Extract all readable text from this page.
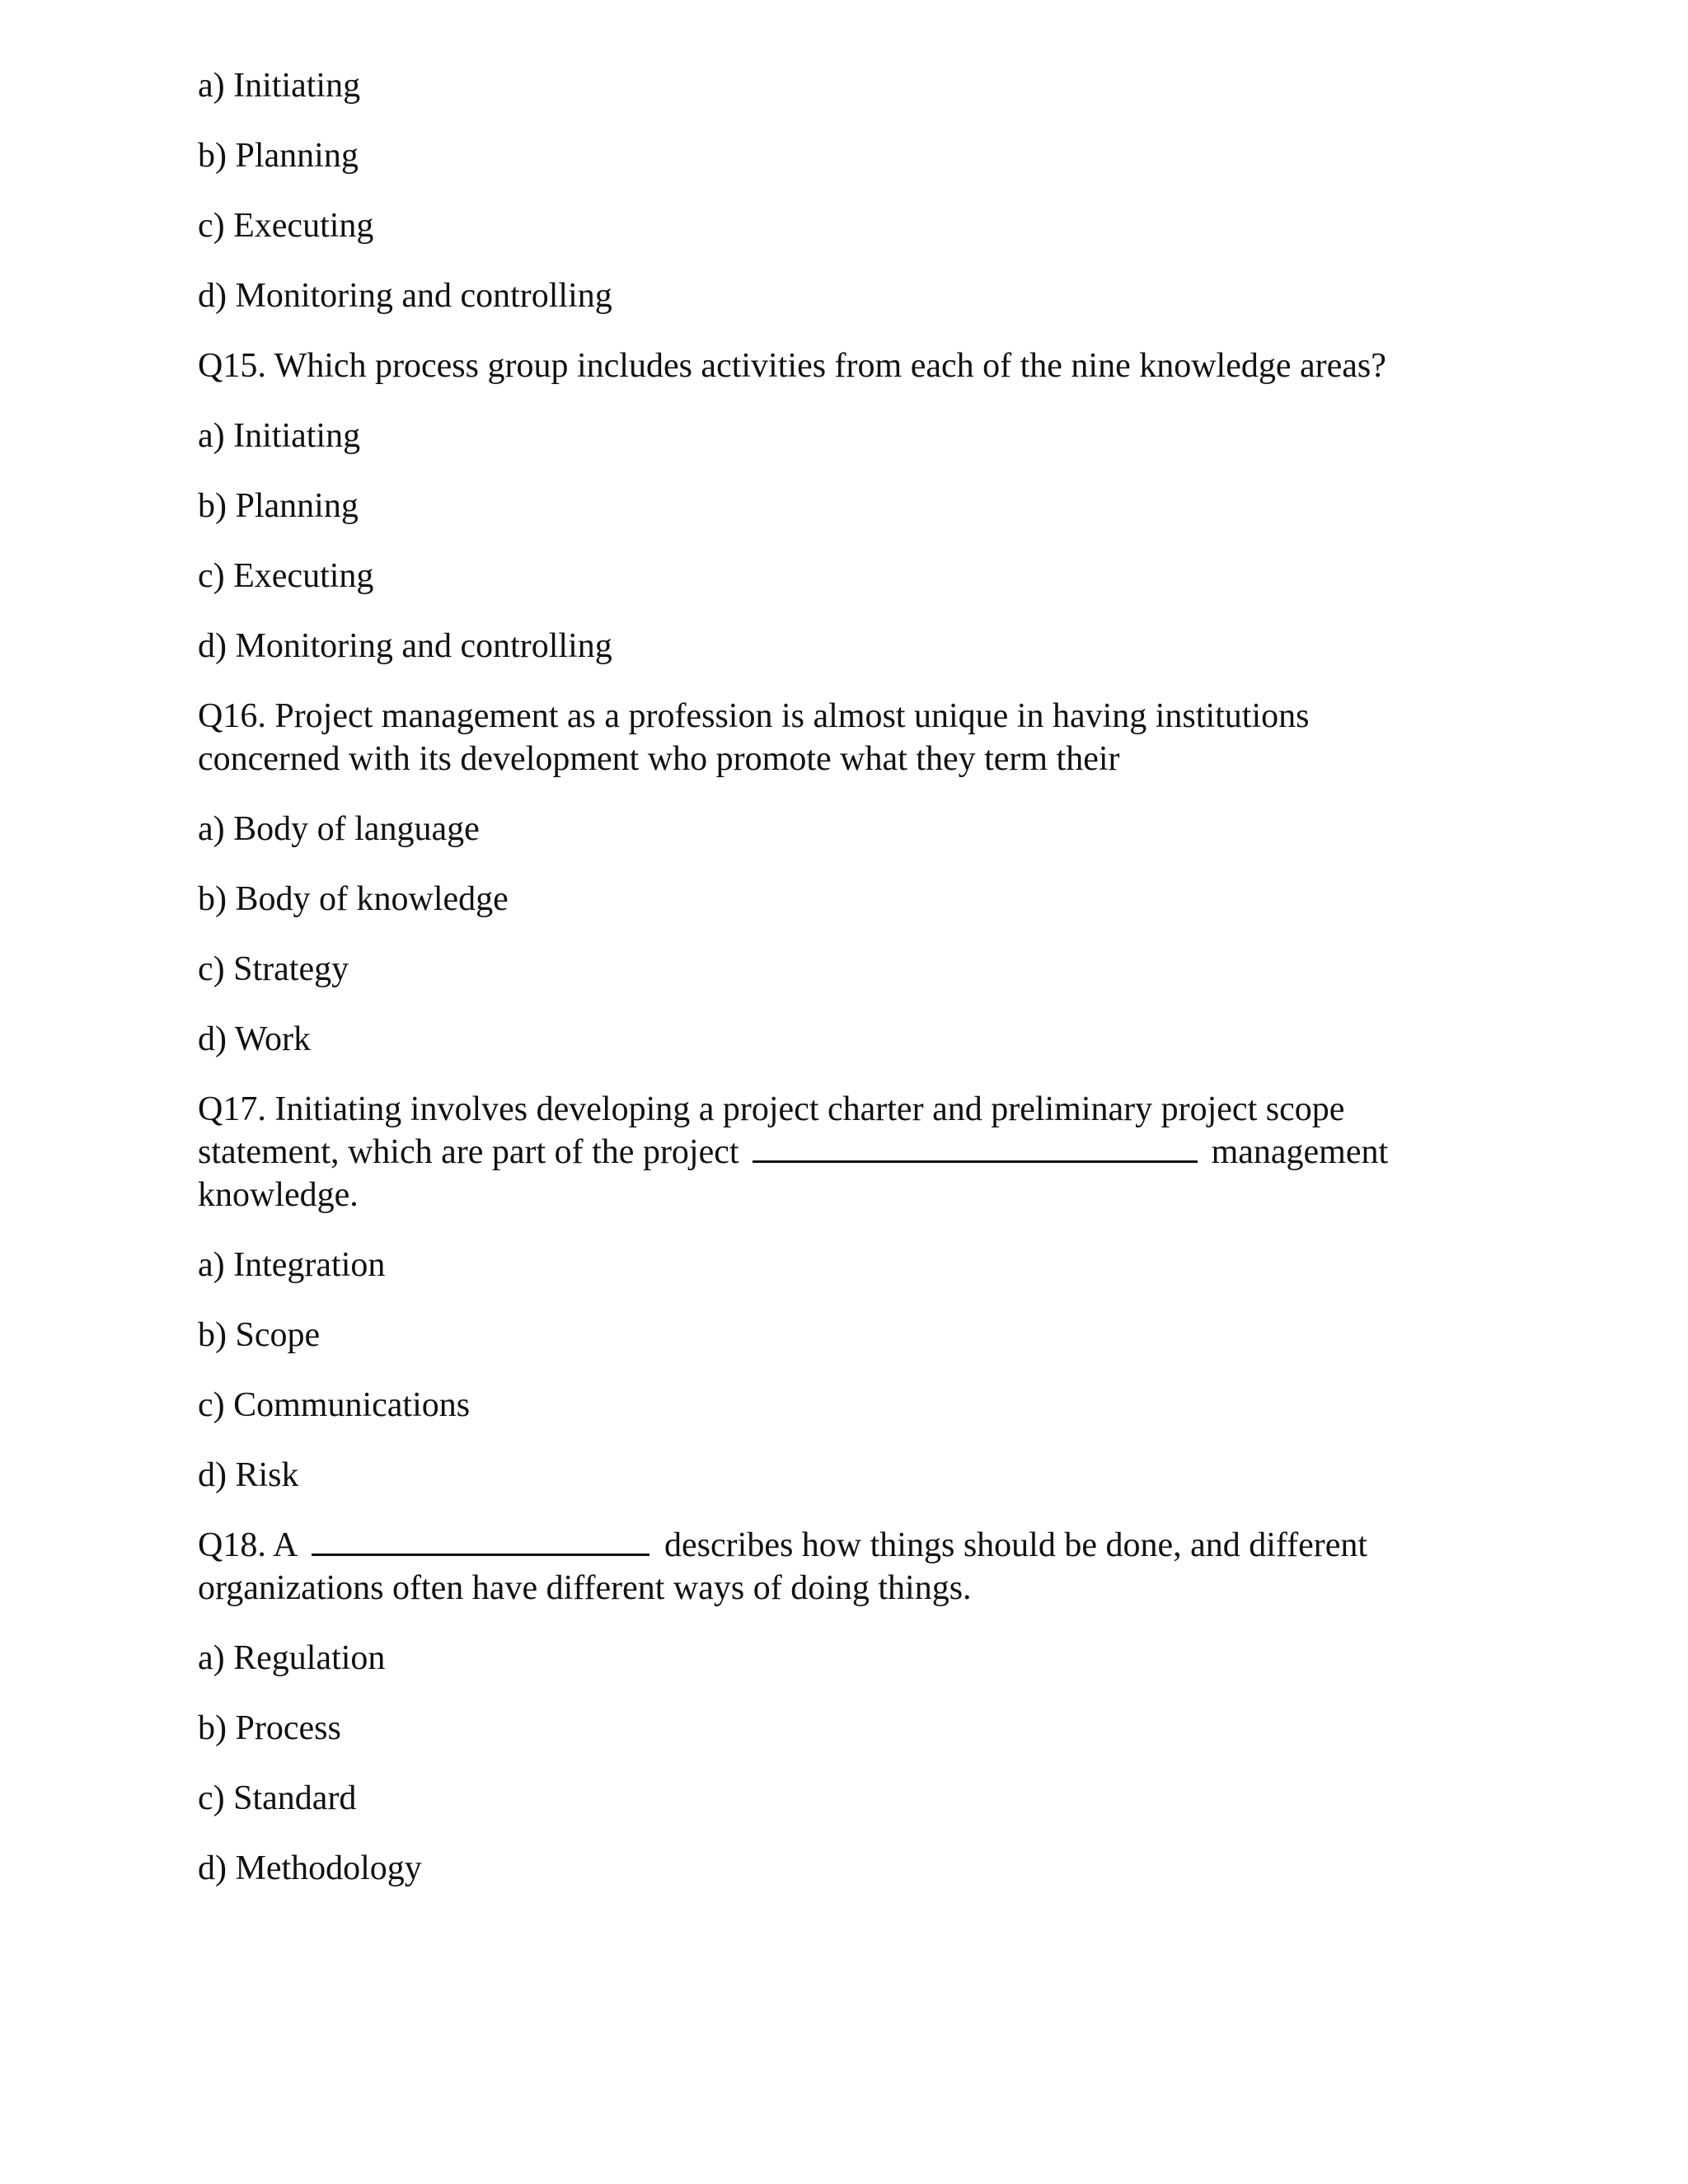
a) Initiating
b) Planning
c) Executing
d) Monitoring and controlling
Q15. Which process group includes activities from each of the nine knowledge areas?
a) Initiating
b) Planning
c) Executing
d) Monitoring and controlling
Q16. Project management as a profession is almost unique in having institutions
concerned with its development who promote what they term their
a) Body of language
b) Body of knowledge
c) Strategy
d) Work
Q17. Initiating involves developing a project charter and preliminary project scope
statement, which are part of the project	management
knowledge.
a) Integration
b) Scope
c) Communications
d) Risk
Q18. A	describes how things should be done, and different
organizations often have different ways of doing things.
a) Regulation
b) Process
c) Standard
d) Methodology
